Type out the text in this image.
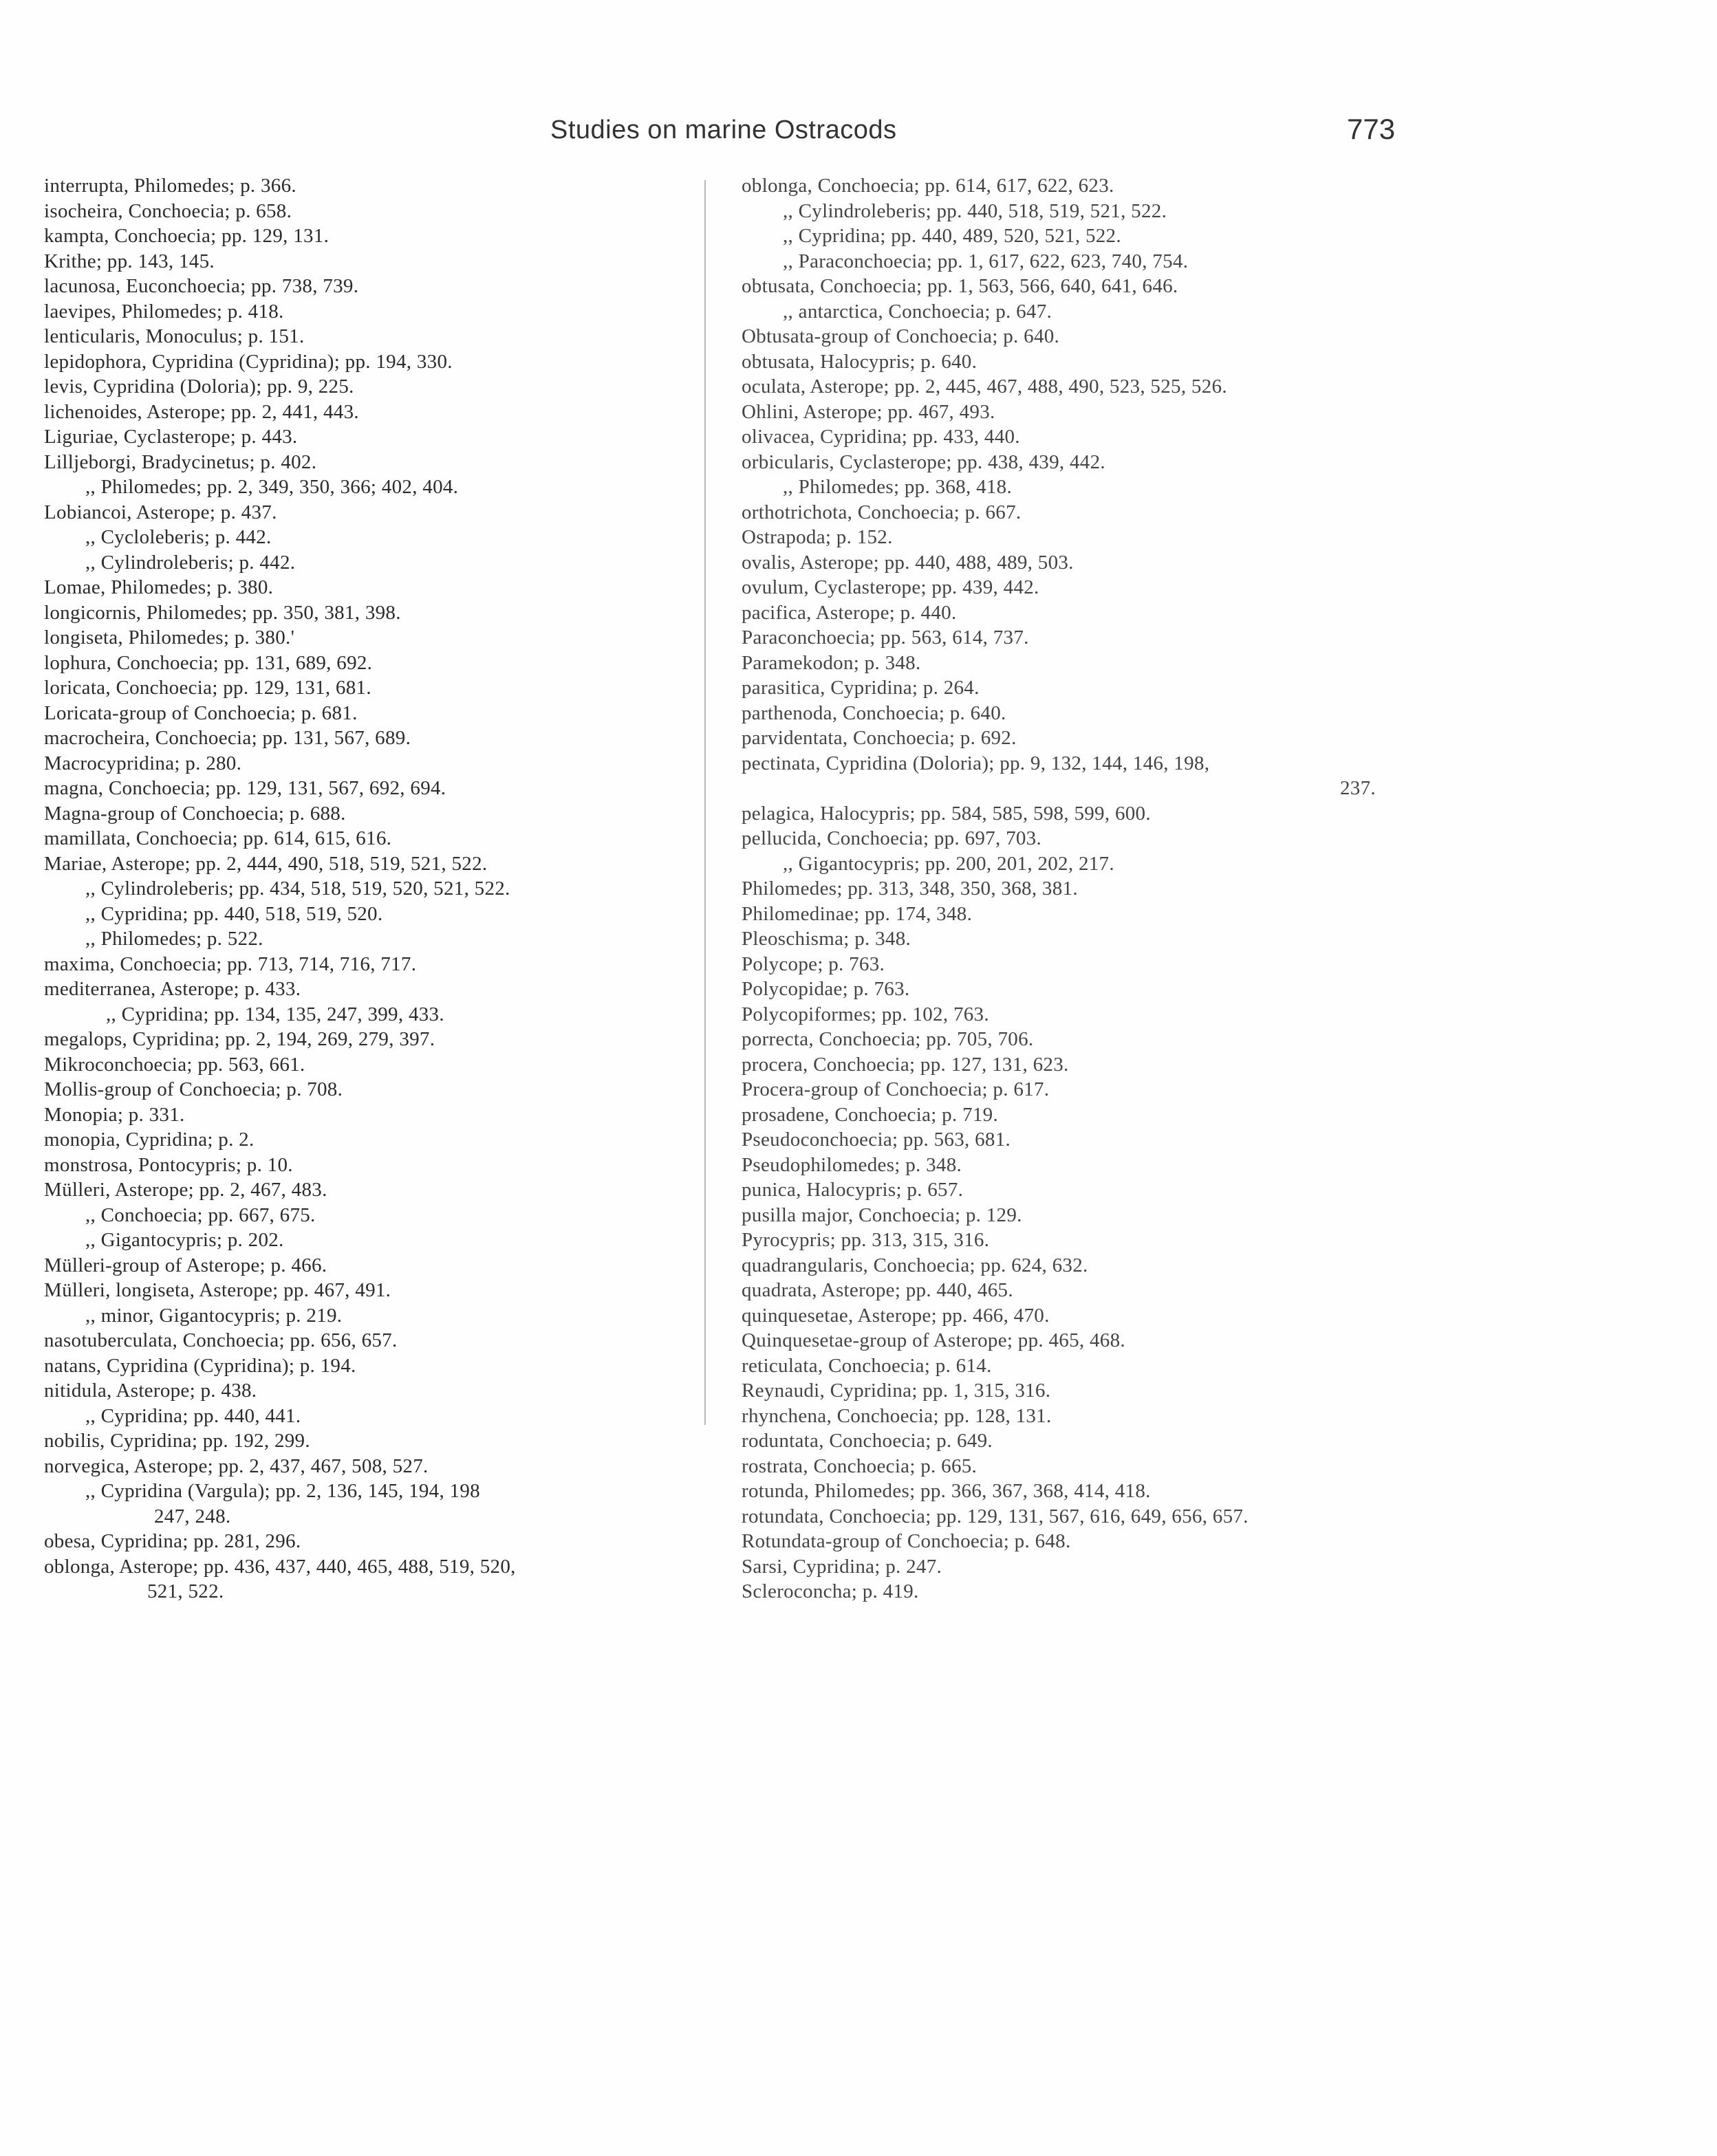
Studies on marine Ostracods	773
interrupta, Philomedes; p. 366.
isocheira, Conchoecia; p. 658.
kampta, Conchoecia; pp. 129, 131.
Krithe; pp. 143, 145.
lacunosa, Euconchoecia; pp. 738, 739.
laevipes, Philomedes; p. 418.
lenticularis, Monoculus; p. 151.
lepidophora, Cypridina (Cypridina); pp. 194, 330.
levis, Cypridina (Doloria); pp. 9, 225.
lichenoides, Asterope; pp. 2, 441, 443.
Liguriae, Cyclasterope; p. 443.
Lilljeborgi, Bradycinetus; p. 402.
,, Philomedes; pp. 2, 349, 350, 366; 402, 404.
Lobiancoi, Asterope; p. 437.
,, Cycloleberis; p. 442.
,, Cylindroleberis; p. 442.
Lomae, Philomedes; p. 380.
longicornis, Philomedes; pp. 350, 381, 398.
longiseta, Philomedes; p. 380.'
lophura, Conchoecia; pp. 131, 689, 692.
loricata, Conchoecia; pp. 129, 131, 681.
Loricata-group of Conchoecia; p. 681.
macrocheira, Conchoecia; pp. 131, 567, 689.
Macrocypridina; p. 280.
magna, Conchoecia; pp. 129, 131, 567, 692, 694.
Magna-group of Conchoecia; p. 688.
mamillata, Conchoecia; pp. 614, 615, 616.
Mariae, Asterope; pp. 2, 444, 490, 518, 519, 521, 522.
,, Cylindroleberis; pp. 434, 518, 519, 520, 521, 522.
,, Cypridina; pp. 440, 518, 519, 520.
,, Philomedes; p. 522.
maxima, Conchoecia; pp. 713, 714, 716, 717.
mediterranea, Asterope; p. 433.
,, Cypridina; pp. 134, 135, 247, 399, 433.
megalops, Cypridina; pp. 2, 194, 269, 279, 397.
Mikroconchoecia; pp. 563, 661.
Mollis-group of Conchoecia; p. 708.
Monopia; p. 331.
monopia, Cypridina; p. 2.
monstrosa, Pontocypris; p. 10.
Mülleri, Asterope; pp. 2, 467, 483.
,, Conchoecia; pp. 667, 675.
,, Gigantocypris; p. 202.
Mülleri-group of Asterope; p. 466.
Mülleri, longiseta, Asterope; pp. 467, 491.
,, minor, Gigantocypris; p. 219.
nasotuberculata, Conchoecia; pp. 656, 657.
natans, Cypridina (Cypridina); p. 194.
nitidula, Asterope; p. 438.
,, Cypridina; pp. 440, 441.
nobilis, Cypridina; pp. 192, 299.
norvegica, Asterope; pp. 2, 437, 467, 508, 527.
,, Cypridina (Vargula); pp. 2, 136, 145, 194, 198
247, 248.
obesa, Cypridina; pp. 281, 296.
oblonga, Asterope; pp. 436, 437, 440, 465, 488, 519, 520,
521, 522.
oblonga, Conchoecia; pp. 614, 617, 622, 623.
,, Cylindroleberis; pp. 440, 518, 519, 521, 522.
,, Cypridina; pp. 440, 489, 520, 521, 522.
,, Paraconchoecia; pp. 1, 617, 622, 623, 740, 754.
obtusata, Conchoecia; pp. 1, 563, 566, 640, 641, 646.
,, antarctica, Conchoecia; p. 647.
Obtusata-group of Conchoecia; p. 640.
obtusata, Halocypris; p. 640.
oculata, Asterope; pp. 2, 445, 467, 488, 490, 523, 525, 526.
Ohlini, Asterope; pp. 467, 493.
olivacea, Cypridina; pp. 433, 440.
orbicularis, Cyclasterope; pp. 438, 439, 442.
,, Philomedes; pp. 368, 418.
orthotrichota, Conchoecia; p. 667.
Ostrapoda; p. 152.
ovalis, Asterope; pp. 440, 488, 489, 503.
ovulum, Cyclasterope; pp. 439, 442.
pacifica, Asterope; p. 440.
Paraconchoecia; pp. 563, 614, 737.
Paramekodon; p. 348.
parasitica, Cypridina; p. 264.
parthenoda, Conchoecia; p. 640.
parvidentata, Conchoecia; p. 692.
pectinata, Cypridina (Doloria); pp. 9, 132, 144, 146, 198,
237.
pelagica, Halocypris; pp. 584, 585, 598, 599, 600.
pellucida, Conchoecia; pp. 697, 703.
,, Gigantocypris; pp. 200, 201, 202, 217.
Philomedes; pp. 313, 348, 350, 368, 381.
Philomedinae; pp. 174, 348.
Pleoschisma; p. 348.
Polycope; p. 763.
Polycopidae; p. 763.
Polycopiformes; pp. 102, 763.
porrecta, Conchoecia; pp. 705, 706.
procera, Conchoecia; pp. 127, 131, 623.
Procera-group of Conchoecia; p. 617.
prosadene, Conchoecia; p. 719.
Pseudoconchoecia; pp. 563, 681.
Pseudophilomedes; p. 348.
punica, Halocypris; p. 657.
pusilla major, Conchoecia; p. 129.
Pyrocypris; pp. 313, 315, 316.
quadrangularis, Conchoecia; pp. 624, 632.
quadrata, Asterope; pp. 440, 465.
quinquesetae, Asterope; pp. 466, 470.
Quinquesetae-group of Asterope; pp. 465, 468.
reticulata, Conchoecia; p. 614.
Reynaudi, Cypridina; pp. 1, 315, 316.
rhynchena, Conchoecia; pp. 128, 131.
roduntata, Conchoecia; p. 649.
rostrata, Conchoecia; p. 665.
rotunda, Philomedes; pp. 366, 367, 368, 414, 418.
rotundata, Conchoecia; pp. 129, 131, 567, 616, 649, 656, 657.
Rotundata-group of Conchoecia; p. 648.
Sarsi, Cypridina; p. 247.
Scleroconcha; p. 419.
